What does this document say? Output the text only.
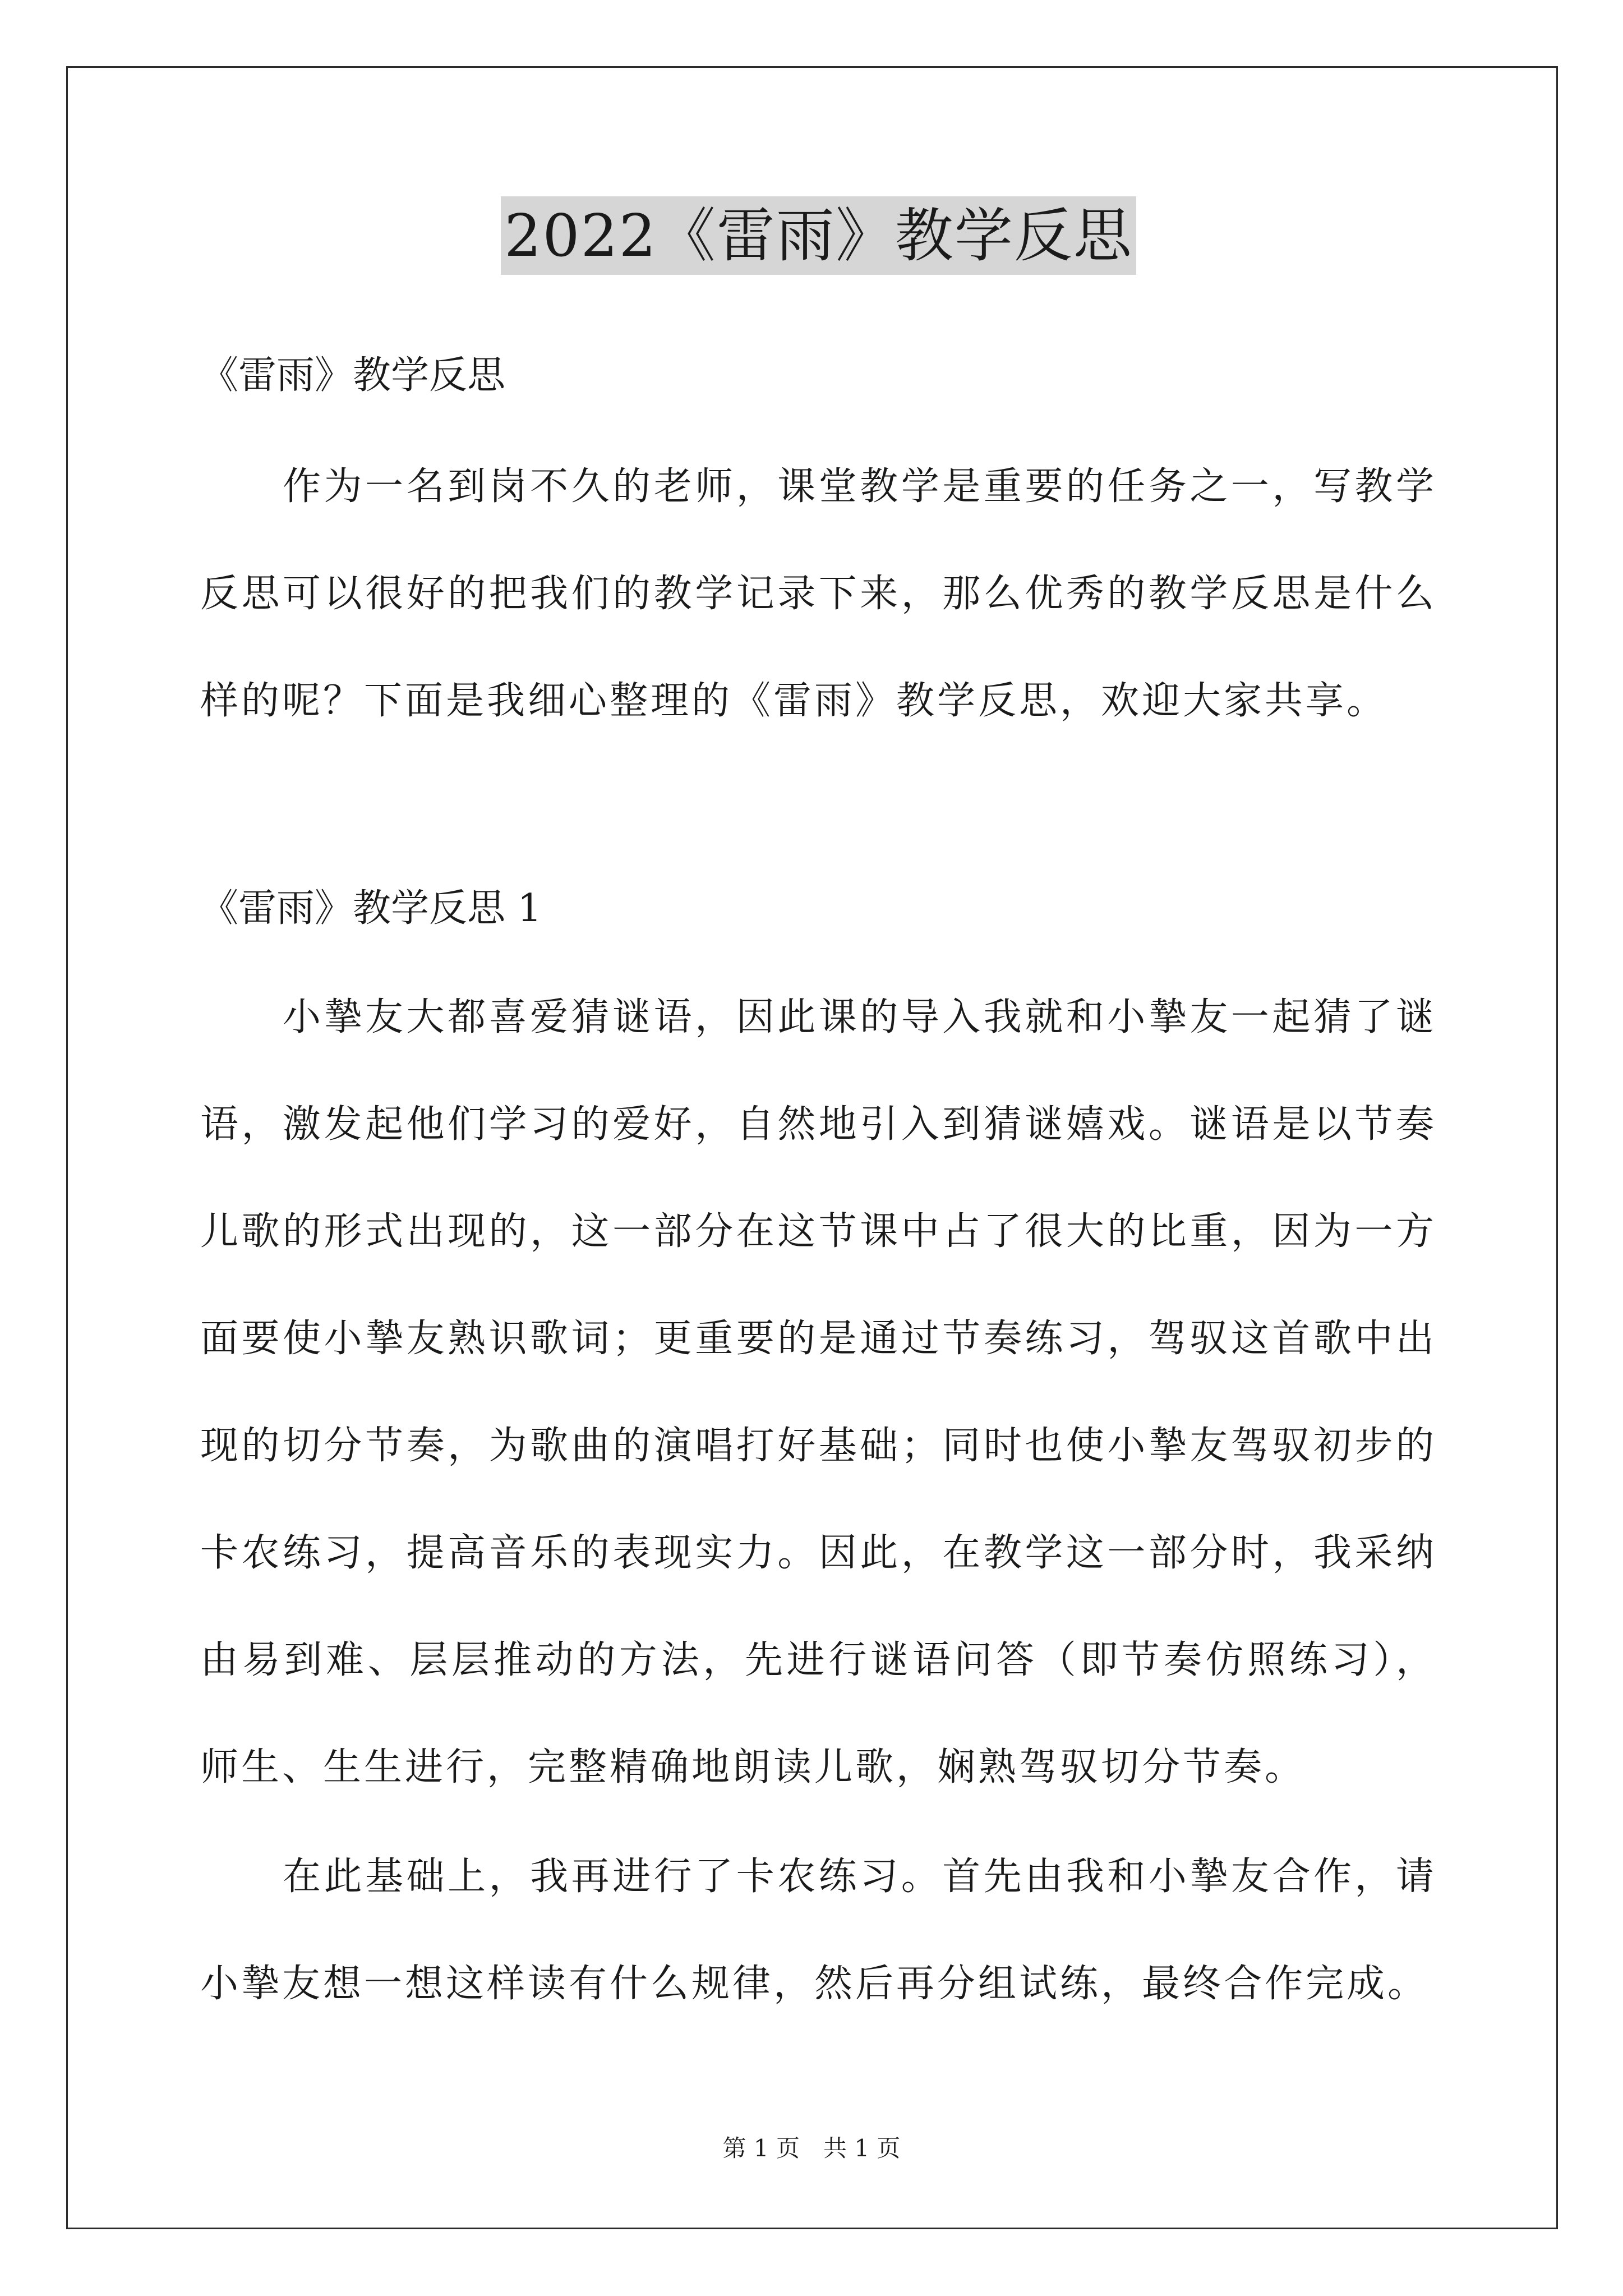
2022《雷雨》教学反思
《雷雨》教学反思

作为一名到岗不久的老师，课堂教学是重要的任务之一，写教学反思可以很好的把我们的教学记录下来，那么优秀的教学反思是什么样的呢？下面是我细心整理的《雷雨》教学反思，欢迎大家共享。

《雷雨》教学反思 1

小摯友大都喜爱猜谜语，因此课的导入我就和小摯友一起猜了谜语，激发起他们学习的爱好，自然地引入到猜谜嬉戏。谜语是以节奏儿歌的形式出现的，这一部分在这节课中占了很大的比重，因为一方面要使小摯友熟识歌词；更重要的是通过节奏练习，驾驭这首歌中出现的切分节奏，为歌曲的演唱打好基础；同时也使小摯友驾驭初步的卡农练习，提高音乐的表现实力。因此，在教学这一部分时，我采纳由易到难、层层推动的方法，先进行谜语问答（即节奏仿照练习），师生、生生进行，完整精确地朗读儿歌，娴熟驾驭切分节奏。

在此基础上，我再进行了卡农练习。首先由我和小摯友合作，请小摯友想一想这样读有什么规律，然后再分组试练，最终合作完成。

第 1 页　共 1 页
